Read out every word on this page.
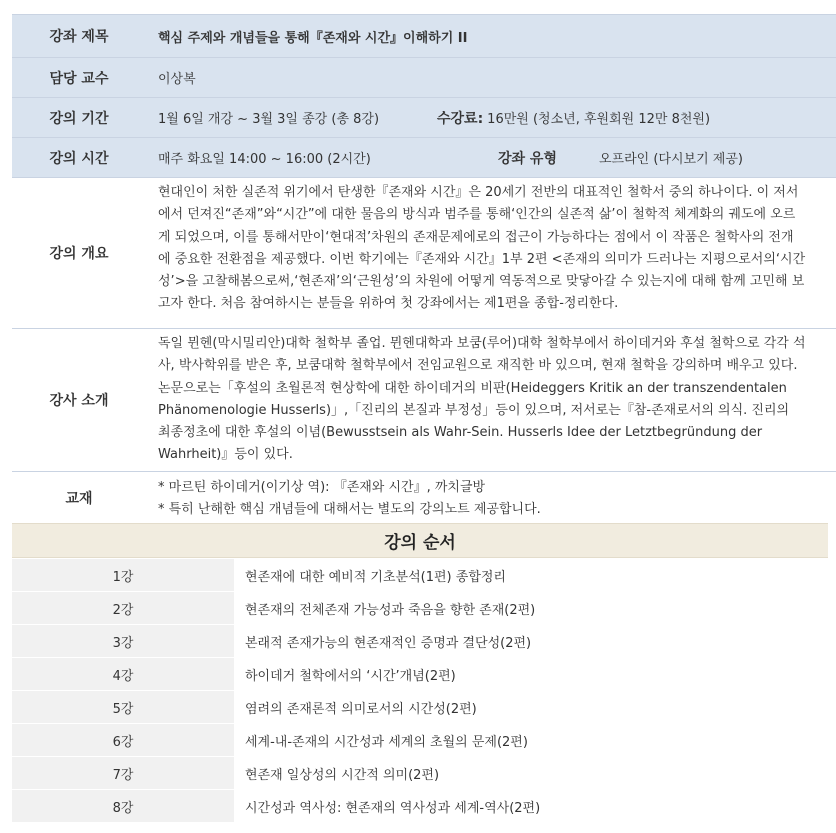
강좌 제목	핵심 주제와 개념들을 통해『존재와 시간』이해하기 II
담당 교수	이상복
강의 기간	1월 6일 개강 ~ 3월 3일 종강 (총 8강)	수강료: 16만원 (청소년, 후원회원 12만 8천원)
강의 시간	매주 화요일 14:00 ~ 16:00 (2시간)	강좌 유형	오프라인 (다시보기 제공)
강의 개요

현대인이 처한 실존적 위기에서 탄생한『존재와 시간』은 20세기 전반의 대표적인 철학서 중의 하나이다. 이 저서

에서 던져진“존재”와“시간”에 대한 물음의 방식과 범주를 통해‘인간의 실존적 삶’이 철학적 체계화의 궤도에 오르

게 되었으며, 이를 통해서만이‘현대적’차원의 존재문제에로의 접근이 가능하다는 점에서 이 작품은 철학사의 전개

에 중요한 전환점을 제공했다. 이번 학기에는『존재와 시간』1부 2편 <존재의 의미가 드러나는 지평으로서의‘시간

성’>을 고찰해봄으로써,‘현존재’의‘근원성’의 차원에 어떻게 역동적으로 맞닿아갈 수 있는지에 대해 함께 고민해 보

고자 한다. 처음 참여하시는 분들을 위하여 첫 강좌에서는 제1편을 종합-정리한다.

강사 소개

독일 뮌헨(막시밀리안)대학 철학부 졸업. 뮌헨대학과 보쿰(루어)대학 철학부에서 하이데거와 후설 철학으로 각각 석

사, 박사학위를 받은 후, 보쿰대학 철학부에서 전임교원으로 재직한 바 있으며, 현재 철학을 강의하며 배우고 있다.

논문으로는「후설의 초월론적 현상학에 대한 하이데거의 비판(Heideggers Kritik an der transzendentalen

Phänomenologie Husserls)」,「진리의 본질과 부정성」등이 있으며, 저서로는『참-존재로서의 의식. 진리의

최종정초에 대한 후설의 이념(Bewusstsein als Wahr-Sein. Husserls Idee der Letztbegründung der

Wahrheit)』등이 있다.

교재

* 마르틴 하이데거(이기상 역): 『존재와 시간』, 까치글방

* 특히 난해한 핵심 개념들에 대해서는 별도의 강의노트 제공합니다.

강의 순서
1강	현존재에 대한 예비적 기초분석(1편) 종합정리
2강	현존재의 전체존재 가능성과 죽음을 향한 존재(2편)
3강	본래적 존재가능의 현존재적인 증명과 결단성(2편)
4강	하이데거 철학에서의 ‘시간’개념(2편)
5강	염려의 존재론적 의미로서의 시간성(2편)
6강	세계-내-존재의 시간성과 세계의 초월의 문제(2편)
7강	현존재 일상성의 시간적 의미(2편)
8강	시간성과 역사성: 현존재의 역사성과 세계-역사(2편)
